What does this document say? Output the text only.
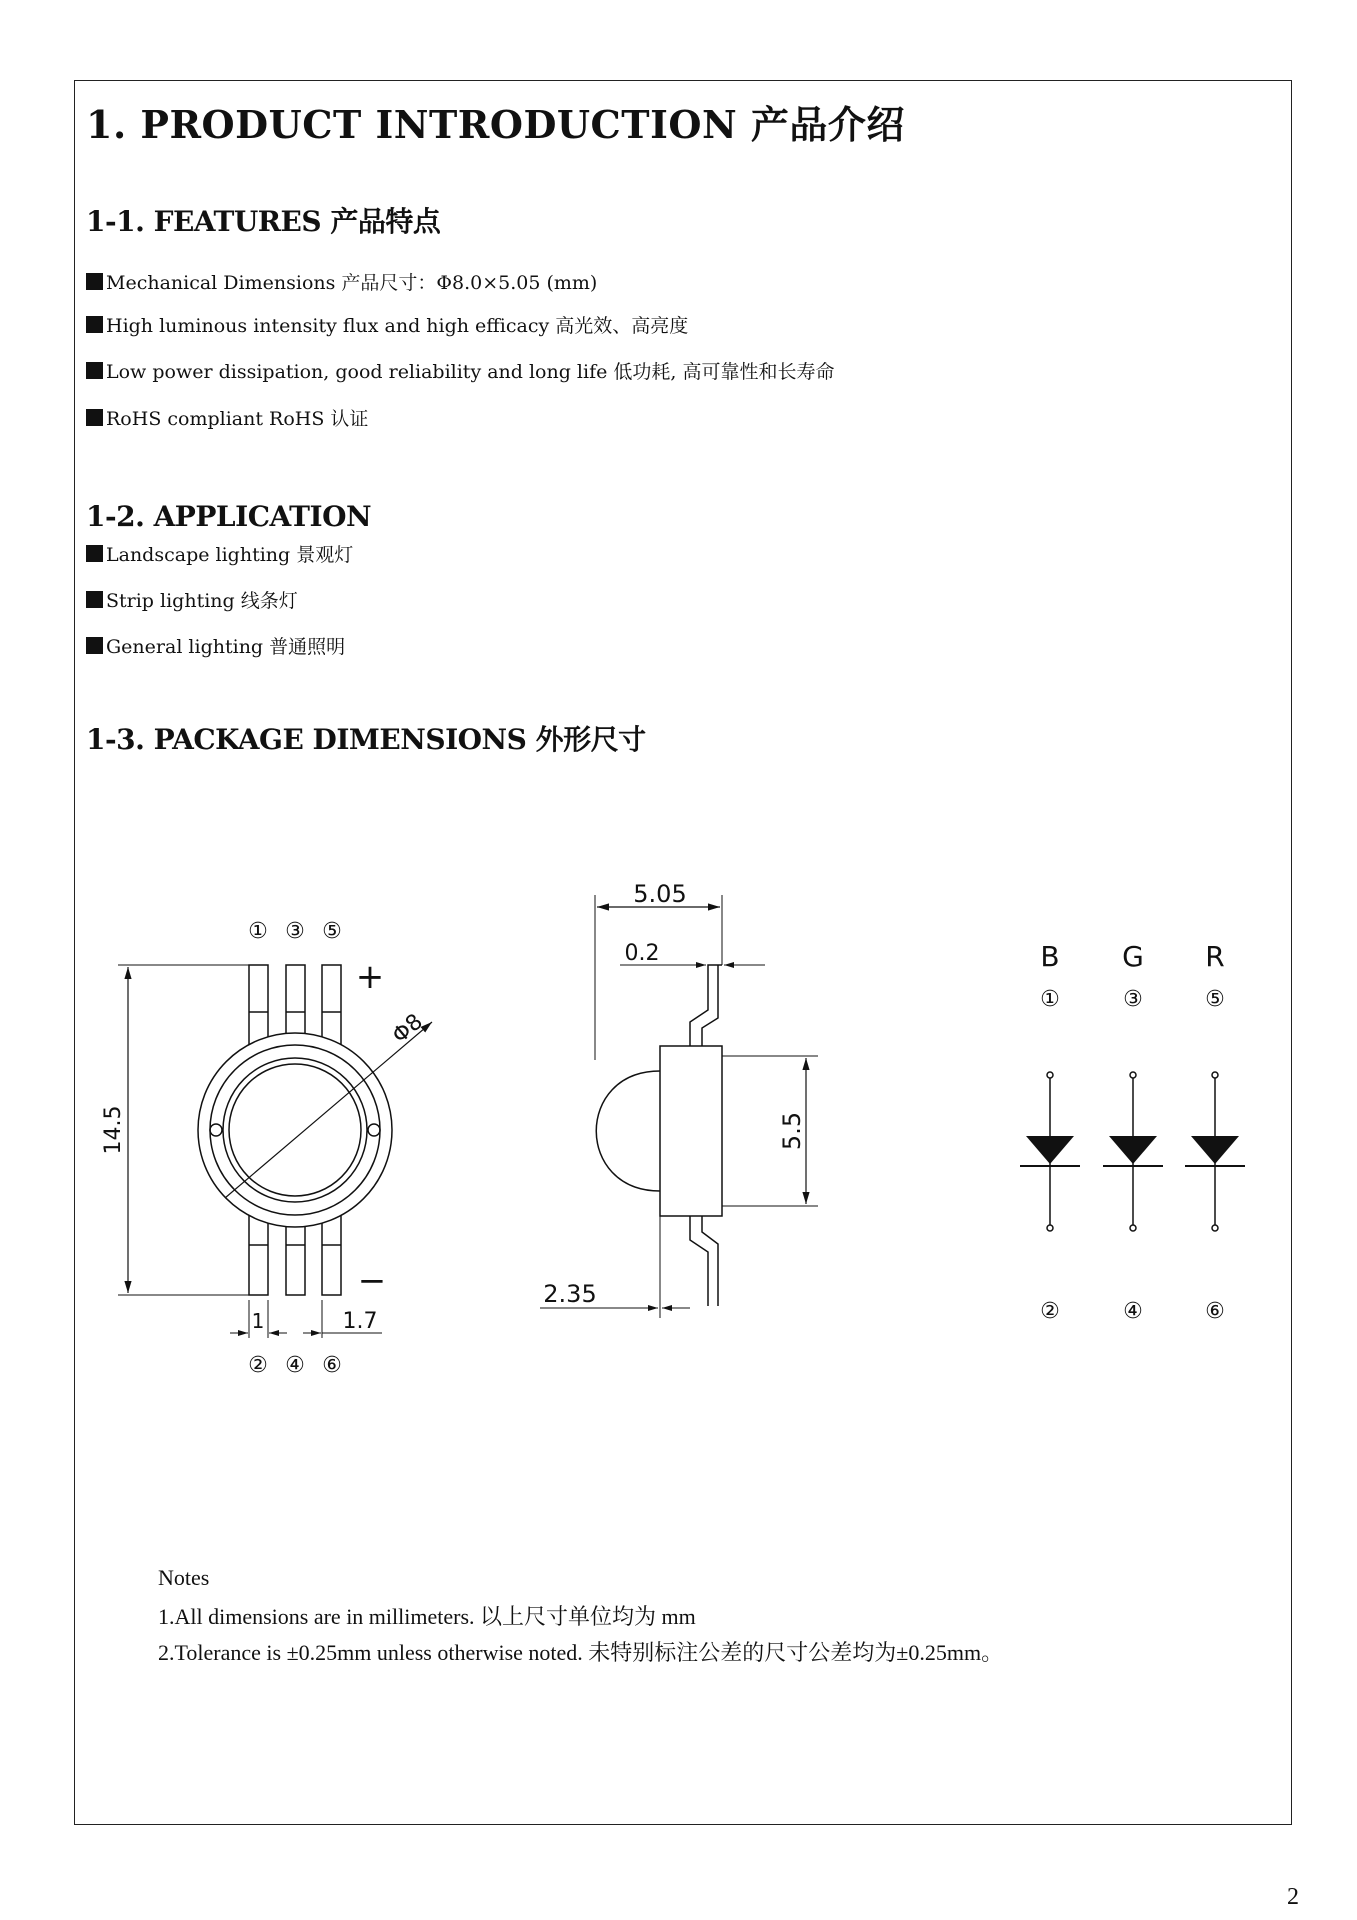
1. PRODUCT INTRODUCTION 产品介绍
1-1. FEATURES 产品特点
Mechanical Dimensions 产品尺寸：Φ8.0×5.05 (mm)
High luminous intensity flux and high efficacy 高光效、高亮度
Low power dissipation, good reliability and long life 低功耗, 高可靠性和长寿命
RoHS compliant RoHS 认证
1-2. APPLICATION
Landscape lighting 景观灯
Strip lighting 线条灯
General lighting 普通照明
1-3. PACKAGE DIMENSIONS 外形尺寸
① ③ ⑤
② ④ ⑥
+
−
14.5
Φ8
1	1.7
5.05
0.2
5.5
2.35
B G R
①	③	⑤
②	④	⑥
Notes
1.All dimensions are in millimeters. 以上尺寸单位均为 mm
2.Tolerance is ±0.25mm unless otherwise noted. 未特别标注公差的尺寸公差均为±0.25mm。
2
